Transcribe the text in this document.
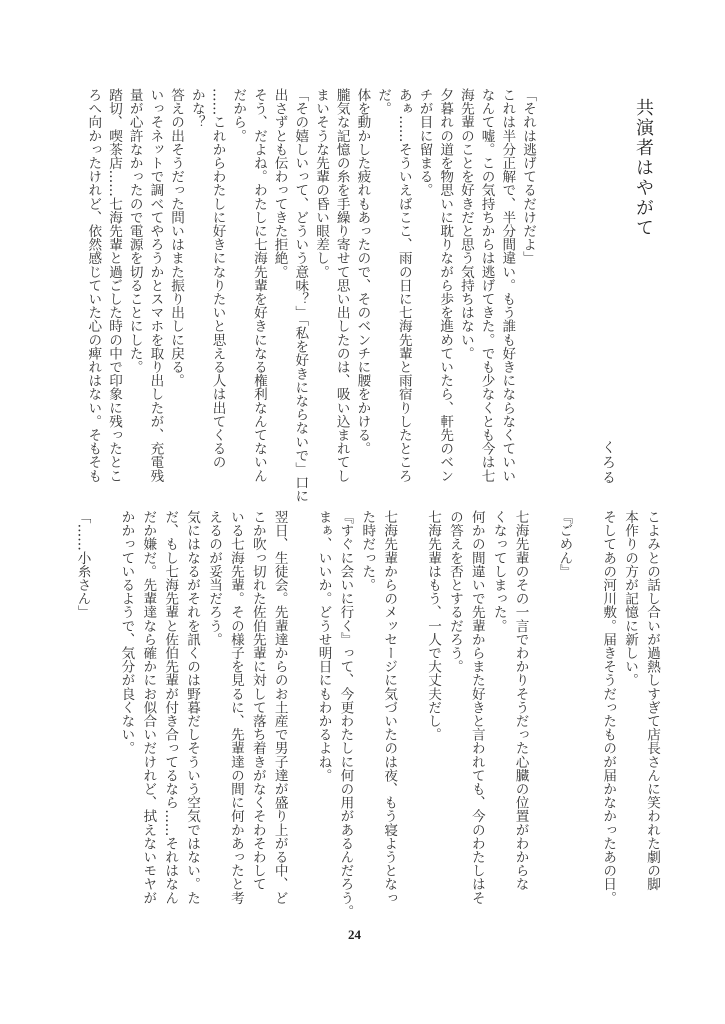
共演者はやがて
くろる
「それは逃げてるだけだよ」
これは半分正解で、半分間違い。もう誰も好きにならなくていい
なんて嘘。この気持ちからは逃げてきた。でも少なくとも今は七
海先輩のことを好きだと思う気持ちはない。
夕暮れの道を物思いに耽りながら歩を進めていたら、軒先のベン
チが目に留まる。
あぁ……そういえばここ、雨の日に七海先輩と雨宿りしたところ
だ。
体を動かした疲れもあったので、そのベンチに腰をかける。
朧気な記憶の糸を手繰り寄せて思い出したのは、吸い込まれてし
まいそうな先輩の昏い眼差し。
「その嬉しいって、どういう意味？」「私を好きにならないで」口に
出さずとも伝わってきた拒絶。
そう、だよね。わたしに七海先輩を好きになる権利なんてないん
だから。
……これからわたしに好きになりたいと思える人は出てくるの
かな？
答えの出そうだった問いはまた振り出しに戻る。
いっそネットで調べてやろうかとスマホを取り出したが、充電残
量が心許なかったので電源を切ることにした。
踏切、喫茶店……七海先輩と過ごした時の中で印象に残ったとこ
ろへ向かったけれど、依然感じていた心の痺れはない。そもそも
こよみとの話し合いが過熱しすぎて店長さんに笑われた劇の脚
本作りの方が記憶に新しい。
そしてあの河川敷。届きそうだったものが届かなかったあの日。
『ごめん』
七海先輩のその一言でわかりそうだった心臓の位置がわからな
くなってしまった。
何かの間違いで先輩からまた好きと言われても、今のわたしはそ
の答えを否とするだろう。
七海先輩はもう、一人で大丈夫だし。
七海先輩からのメッセージに気づいたのは夜、もう寝ようとなっ
た時だった。
『すぐに会いに行く』って、今更わたしに何の用があるんだろう。
まぁ、いいか。どうせ明日にもわかるよね。
翌日、生徒会。先輩達からのお土産で男子達が盛り上がる中、ど
こか吹っ切れた佐伯先輩に対して落ち着きがなくそわそわして
いる七海先輩。その様子を見るに、先輩達の間に何かあったと考
えるのが妥当だろう。
気にはなるがそれを訊くのは野暮だしそういう空気ではない。た
だ、もし七海先輩と佐伯先輩が付き合ってるなら……それはなん
だか嫌だ。先輩達なら確かにお似合いだけれど、拭えないモヤが
かかっているようで、気分が良くない。
「……小糸さん」
24
